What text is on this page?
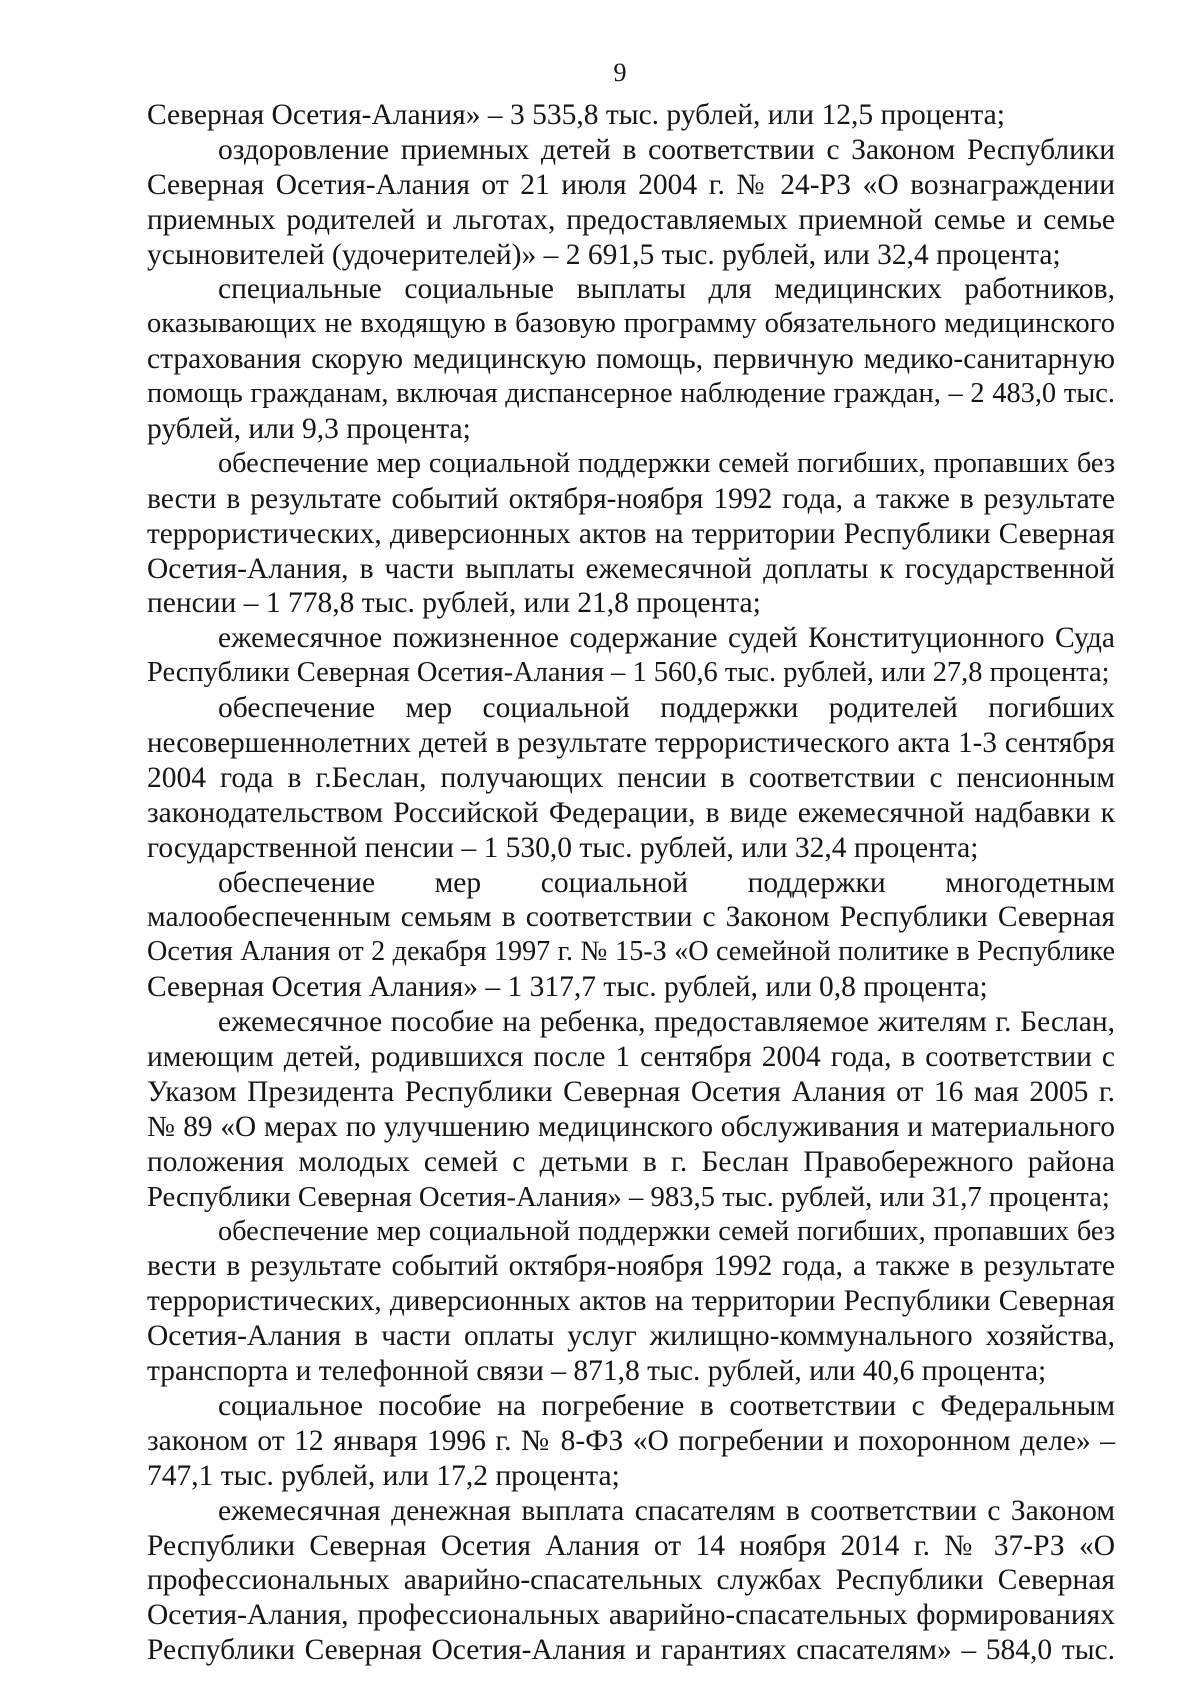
9
Северная Осетия-Алания» – 3 535,8 тыс. рублей, или 12,5 процента;
оздоровление приемных детей в соответствии с Законом Республики
Северная Осетия-Алания от 21 июля 2004 г. № 24-РЗ «О вознаграждении
приемных родителей и льготах, предоставляемых приемной семье и семье
усыновителей (удочерителей)» – 2 691,5 тыс. рублей, или 32,4 процента;
специальные социальные выплаты для медицинских работников,
оказывающих не входящую в базовую программу обязательного медицинского
страхования скорую медицинскую помощь, первичную медико-санитарную
помощь гражданам, включая диспансерное наблюдение граждан, – 2 483,0 тыс.
рублей, или 9,3 процента;
обеспечение мер социальной поддержки семей погибших, пропавших без
вести в результате событий октября-ноября 1992 года, а также в результате
террористических, диверсионных актов на территории Республики Северная
Осетия-Алания, в части выплаты ежемесячной доплаты к государственной
пенсии – 1 778,8 тыс. рублей, или 21,8 процента;
ежемесячное пожизненное содержание судей Конституционного Суда
Республики Северная Осетия-Алания – 1 560,6 тыс. рублей, или 27,8 процента;
обеспечение мер социальной поддержки родителей погибших
несовершеннолетних детей в результате террористического акта 1-3 сентября
2004 года в г.Беслан, получающих пенсии в соответствии с пенсионным
законодательством Российской Федерации, в виде ежемесячной надбавки к
государственной пенсии – 1 530,0 тыс. рублей, или 32,4 процента;
обеспечение мер социальной поддержки многодетным
малообеспеченным семьям в соответствии с Законом Республики Северная
Осетия Алания от 2 декабря 1997 г. № 15-З «О семейной политике в Республике
Северная Осетия Алания» – 1 317,7 тыс. рублей, или 0,8 процента;
ежемесячное пособие на ребенка, предоставляемое жителям г. Беслан,
имеющим детей, родившихся после 1 сентября 2004 года, в соответствии с
Указом Президента Республики Северная Осетия Алания от 16 мая 2005 г.
№ 89 «О мерах по улучшению медицинского обслуживания и материального
положения молодых семей с детьми в г. Беслан Правобережного района
Республики Северная Осетия-Алания» – 983,5 тыс. рублей, или 31,7 процента;
обеспечение мер социальной поддержки семей погибших, пропавших без
вести в результате событий октября-ноября 1992 года, а также в результате
террористических, диверсионных актов на территории Республики Северная
Осетия-Алания в части оплаты услуг жилищно-коммунального хозяйства,
транспорта и телефонной связи – 871,8 тыс. рублей, или 40,6 процента;
социальное пособие на погребение в соответствии с Федеральным
законом от 12 января 1996 г. № 8-ФЗ «О погребении и похоронном деле» –
747,1 тыс. рублей, или 17,2 процента;
ежемесячная денежная выплата спасателям в соответствии с Законом
Республики Северная Осетия Алания от 14 ноября 2014 г. № 37-РЗ «О
профессиональных аварийно-спасательных службах Республики Северная
Осетия-Алания, профессиональных аварийно-спасательных формированиях
Республики Северная Осетия-Алания и гарантиях спасателям» – 584,0 тыс.
